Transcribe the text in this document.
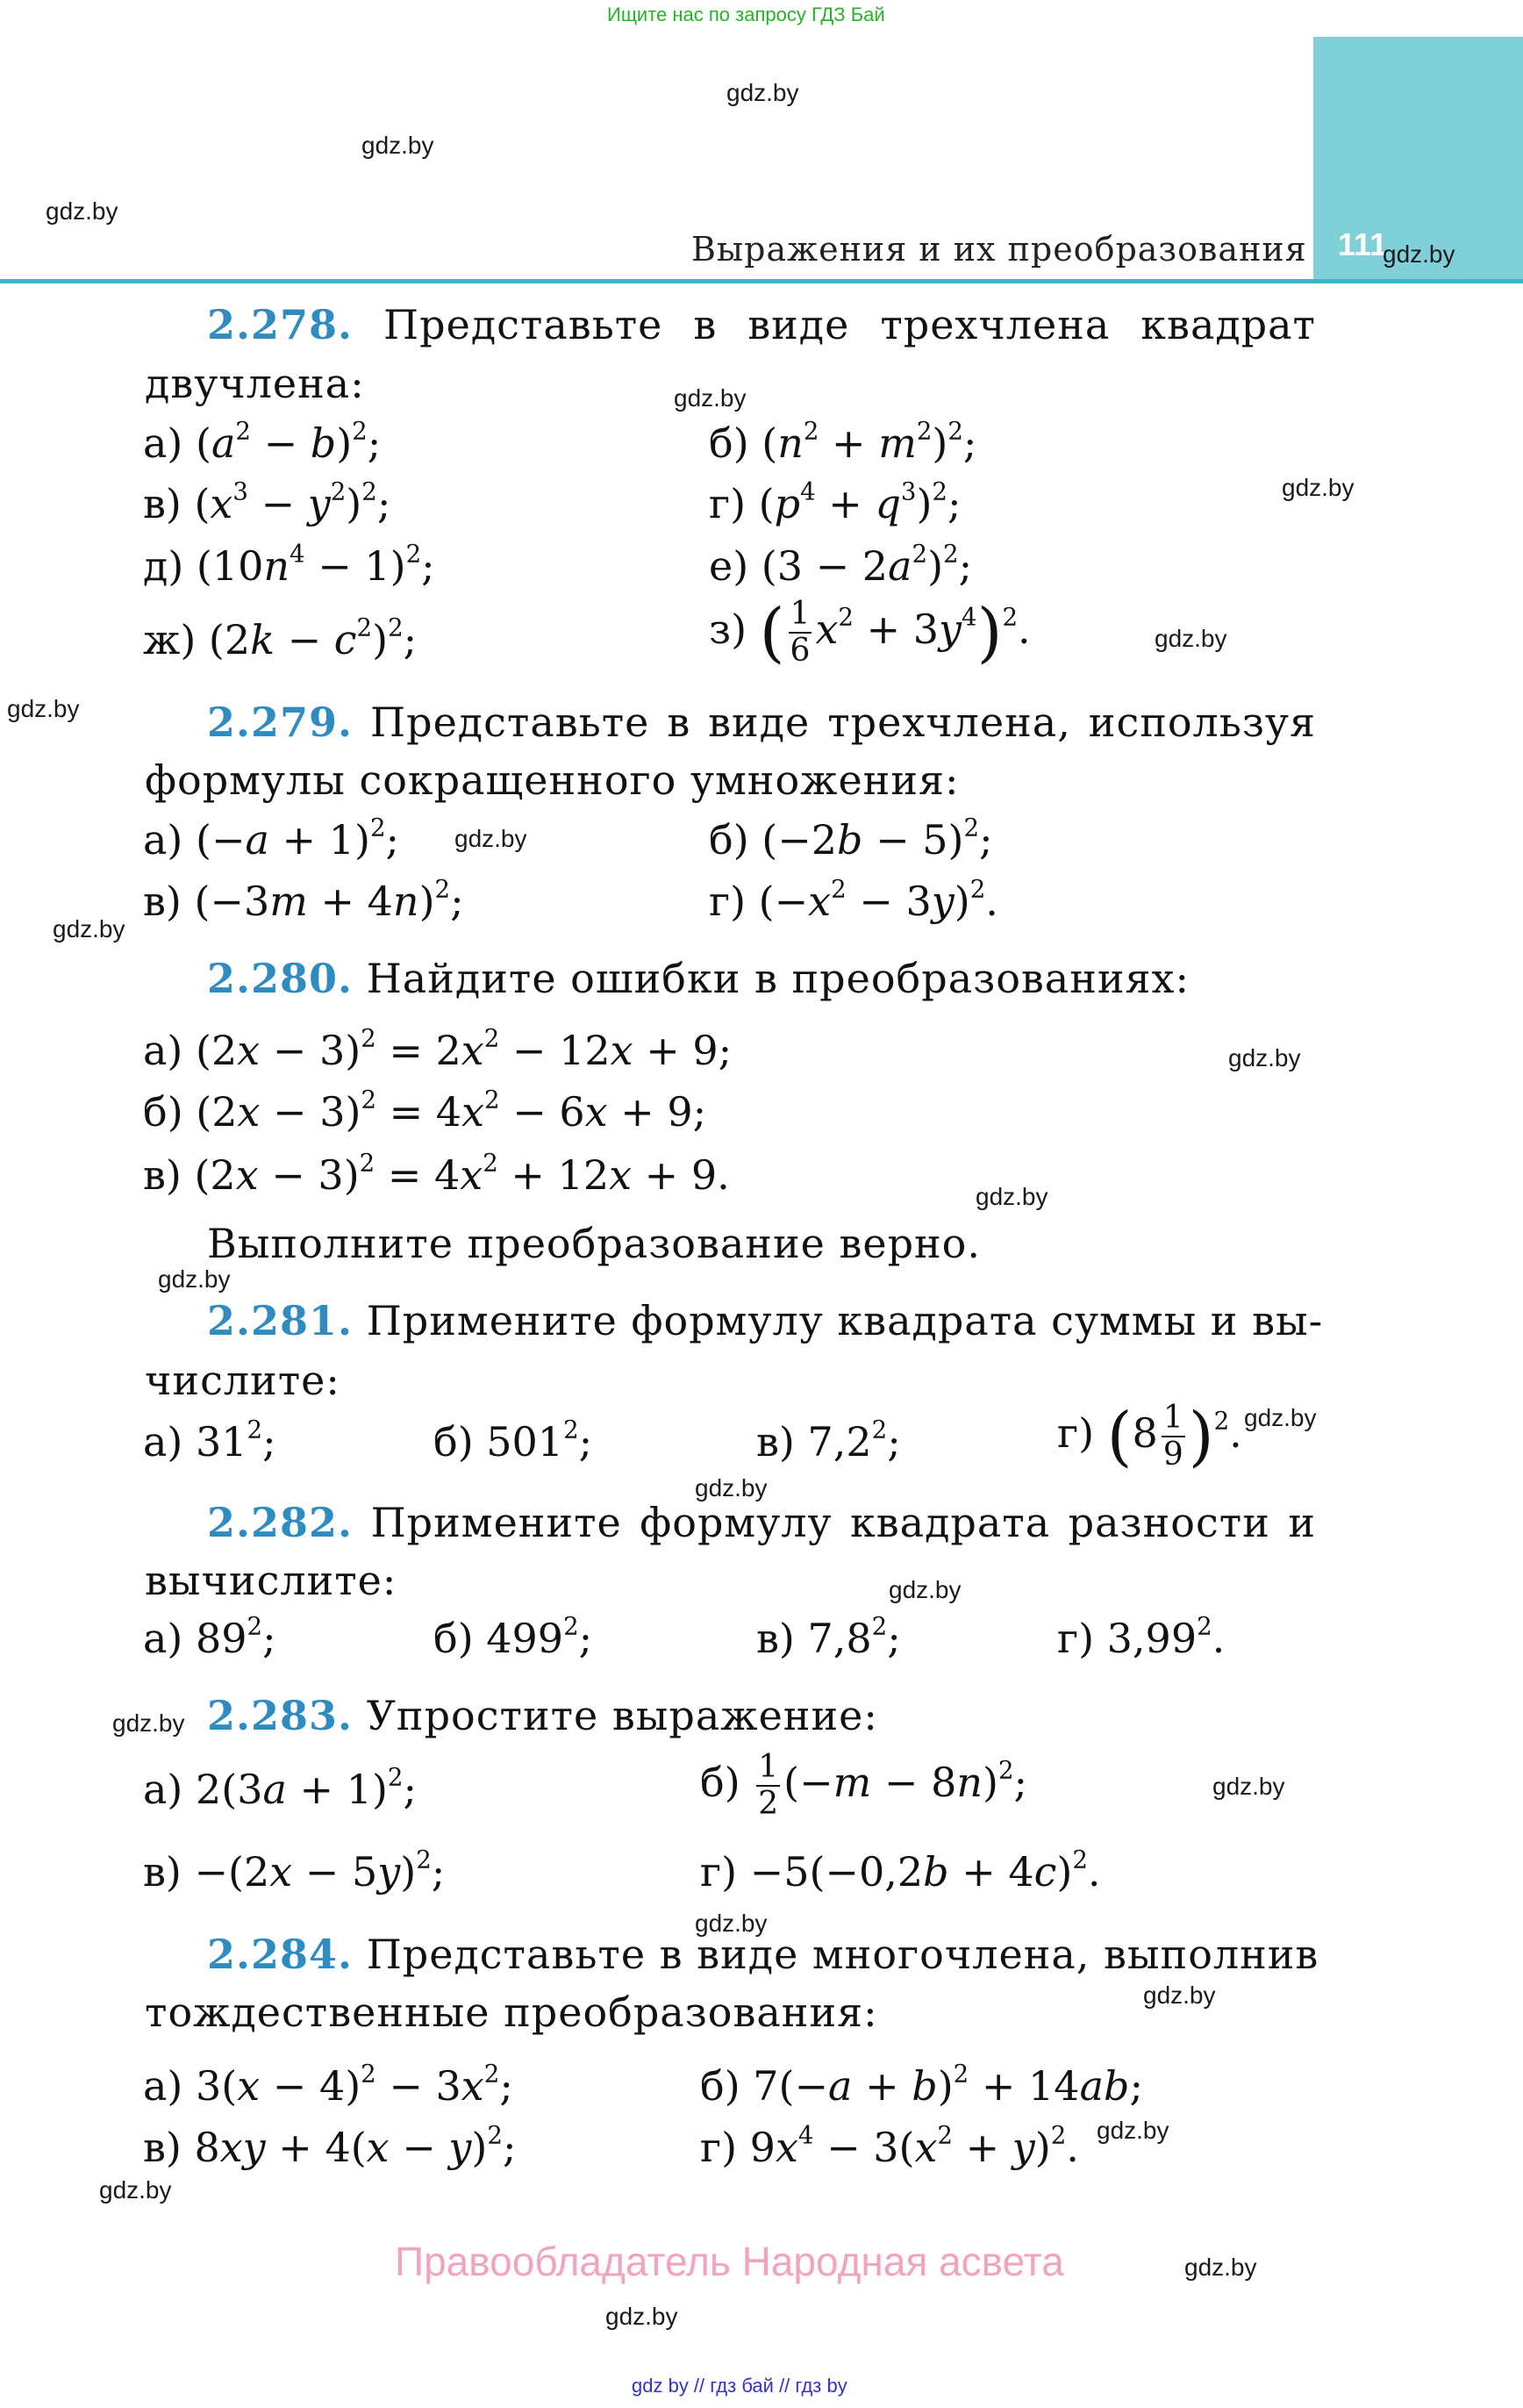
Ищите нас по запросу ГДЗ Бай
Выражения и их преобразования 111
gdz.by
gdz.by
gdz.by
gdz.by
gdz.by
gdz.by
gdz.by
gdz.by
gdz.by
gdz.by
gdz.by
gdz.by
gdz.by
gdz.by
gdz.by
gdz.by
gdz.by
gdz.by
gdz.by
gdz.by
gdz.by
gdz.by
gdz.by
gdz.by
2.278. Представьте в виде трехчлена квадрат
двучлена:
а) $(a^2 - b)^2$;	б) $(n^2 + m^2)^2$;
в) $(x^3 - y^2)^2$;	г) $(p^4 + q^3)^2$;
д) $(10n^4 - 1)^2$;	е) $(3 - 2a^2)^2$;
ж) $(2k - c^2)^2$;	з) ( $\frac{1}{6} x^2 + 3y^4)^2$.
2.279. Представьте в виде трехчлена, используя
формулы сокращенного умножения:
а) $(-a + 1)^2$;	б) $(-2b - 5)^2$;
в) $(-3m + 4n)^2$;	г) $(-x^2 - 3y)^2$.
2.280. Найдите ошибки в преобразованиях:
а) $(2x - 3)^2 = 2x^2 - 12x + 9$;
б) $(2x - 3)^2 = 4x^2 - 6x + 9$;
в) $(2x - 3)^2 = 4x^2 + 12x + 9$.
Выполните преобразование верно.
2.281. Примените формулу квадрата суммы и вы-
числите:
а) $31^2$;	б) $501^2$;	в) $7,2^2$;	г) $(8 \frac{1}{9} )^2$.
2.282. Примените формулу квадрата разности и
вычислите:
а) $89^2$;	б) $499^2$;	в) $7,8^2$;	г) 3,99$^2$.
2.283. Упростите выражение:
а) $2(3a + 1)^2$;	$б) \frac{1}{2} (-m - 8n)^2$;
$в) -(2x - 5y)^2$;	$г) -5(-0,2b + 4c)^2$.
2.284. Представьте в виде многочлена, выполнив
тождественные преобразования:
а) $3(x - 4)^2 - 3x^2$;	б) $7(-a + b)^2 + 14ab$;
в) $8xy + 4(x - y)^2$;	г) $9x^4 - 3(x^2 + y)^2$.
Правообладатель Народная асвета
gdz by // гдз бай // гдз by
